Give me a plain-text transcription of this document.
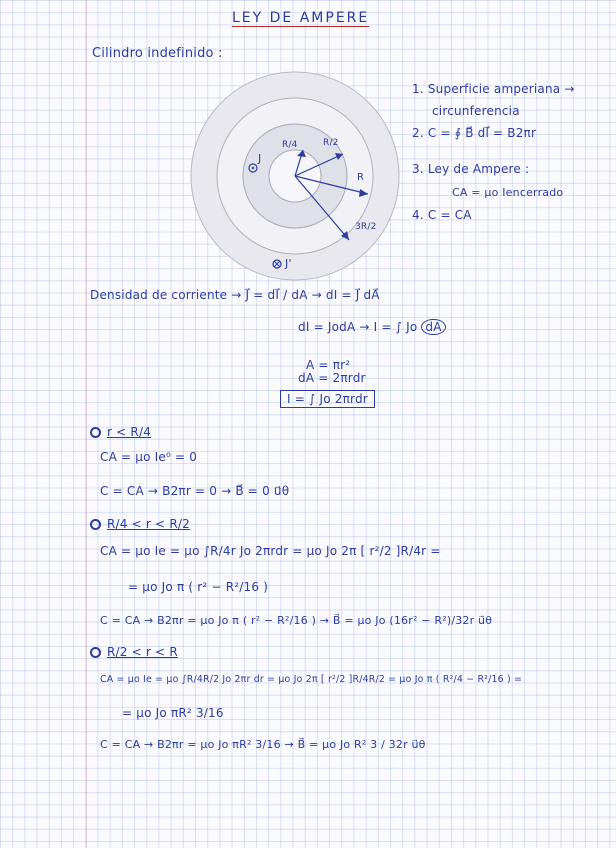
LEY DE AMPERE
Cilindro indefinido :
R/4	R/2
R
3R/2
J
J'
1. Superficie amperiana →
circunferencia
2. C = ∮ B⃗ dl⃗ = B2πr
3. Ley de Ampere :
CA = μo Iencerrado
4. C = CA
Densidad de corriente → J⃗ = dI⃗ / dA → dI = J⃗ dA⃗
dI = JodA → I = ∫ Jo dA
A = πr²
dA = 2πrdr
I = ∫ Jo 2πrdr
r < R/4
CA = μo Ie⁰ = 0
C = CA → B2πr = 0 → B⃗ = 0 u⃗θ
R/4 < r < R/2
CA = μo Ie = μo ∫R/4r Jo 2πrdr = μo Jo 2π [ r²/2 ]R/4r =
= μo Jo π ( r² − R²/16 )
C = CA → B2πr = μo Jo π ( r² − R²/16 ) → B⃗ = μo Jo (16r² − R²)/32r u⃗θ
R/2 < r < R
CA = μo Ie = μo ∫R/4R/2 Jo 2πr dr = μo Jo 2π [ r²/2 ]R/4R/2 = μo Jo π ( R²/4 − R²/16 ) =
= μo Jo πR² 3/16
C = CA → B2πr = μo Jo πR² 3/16 → B⃗ = μo Jo R² 3 / 32r u⃗θ
